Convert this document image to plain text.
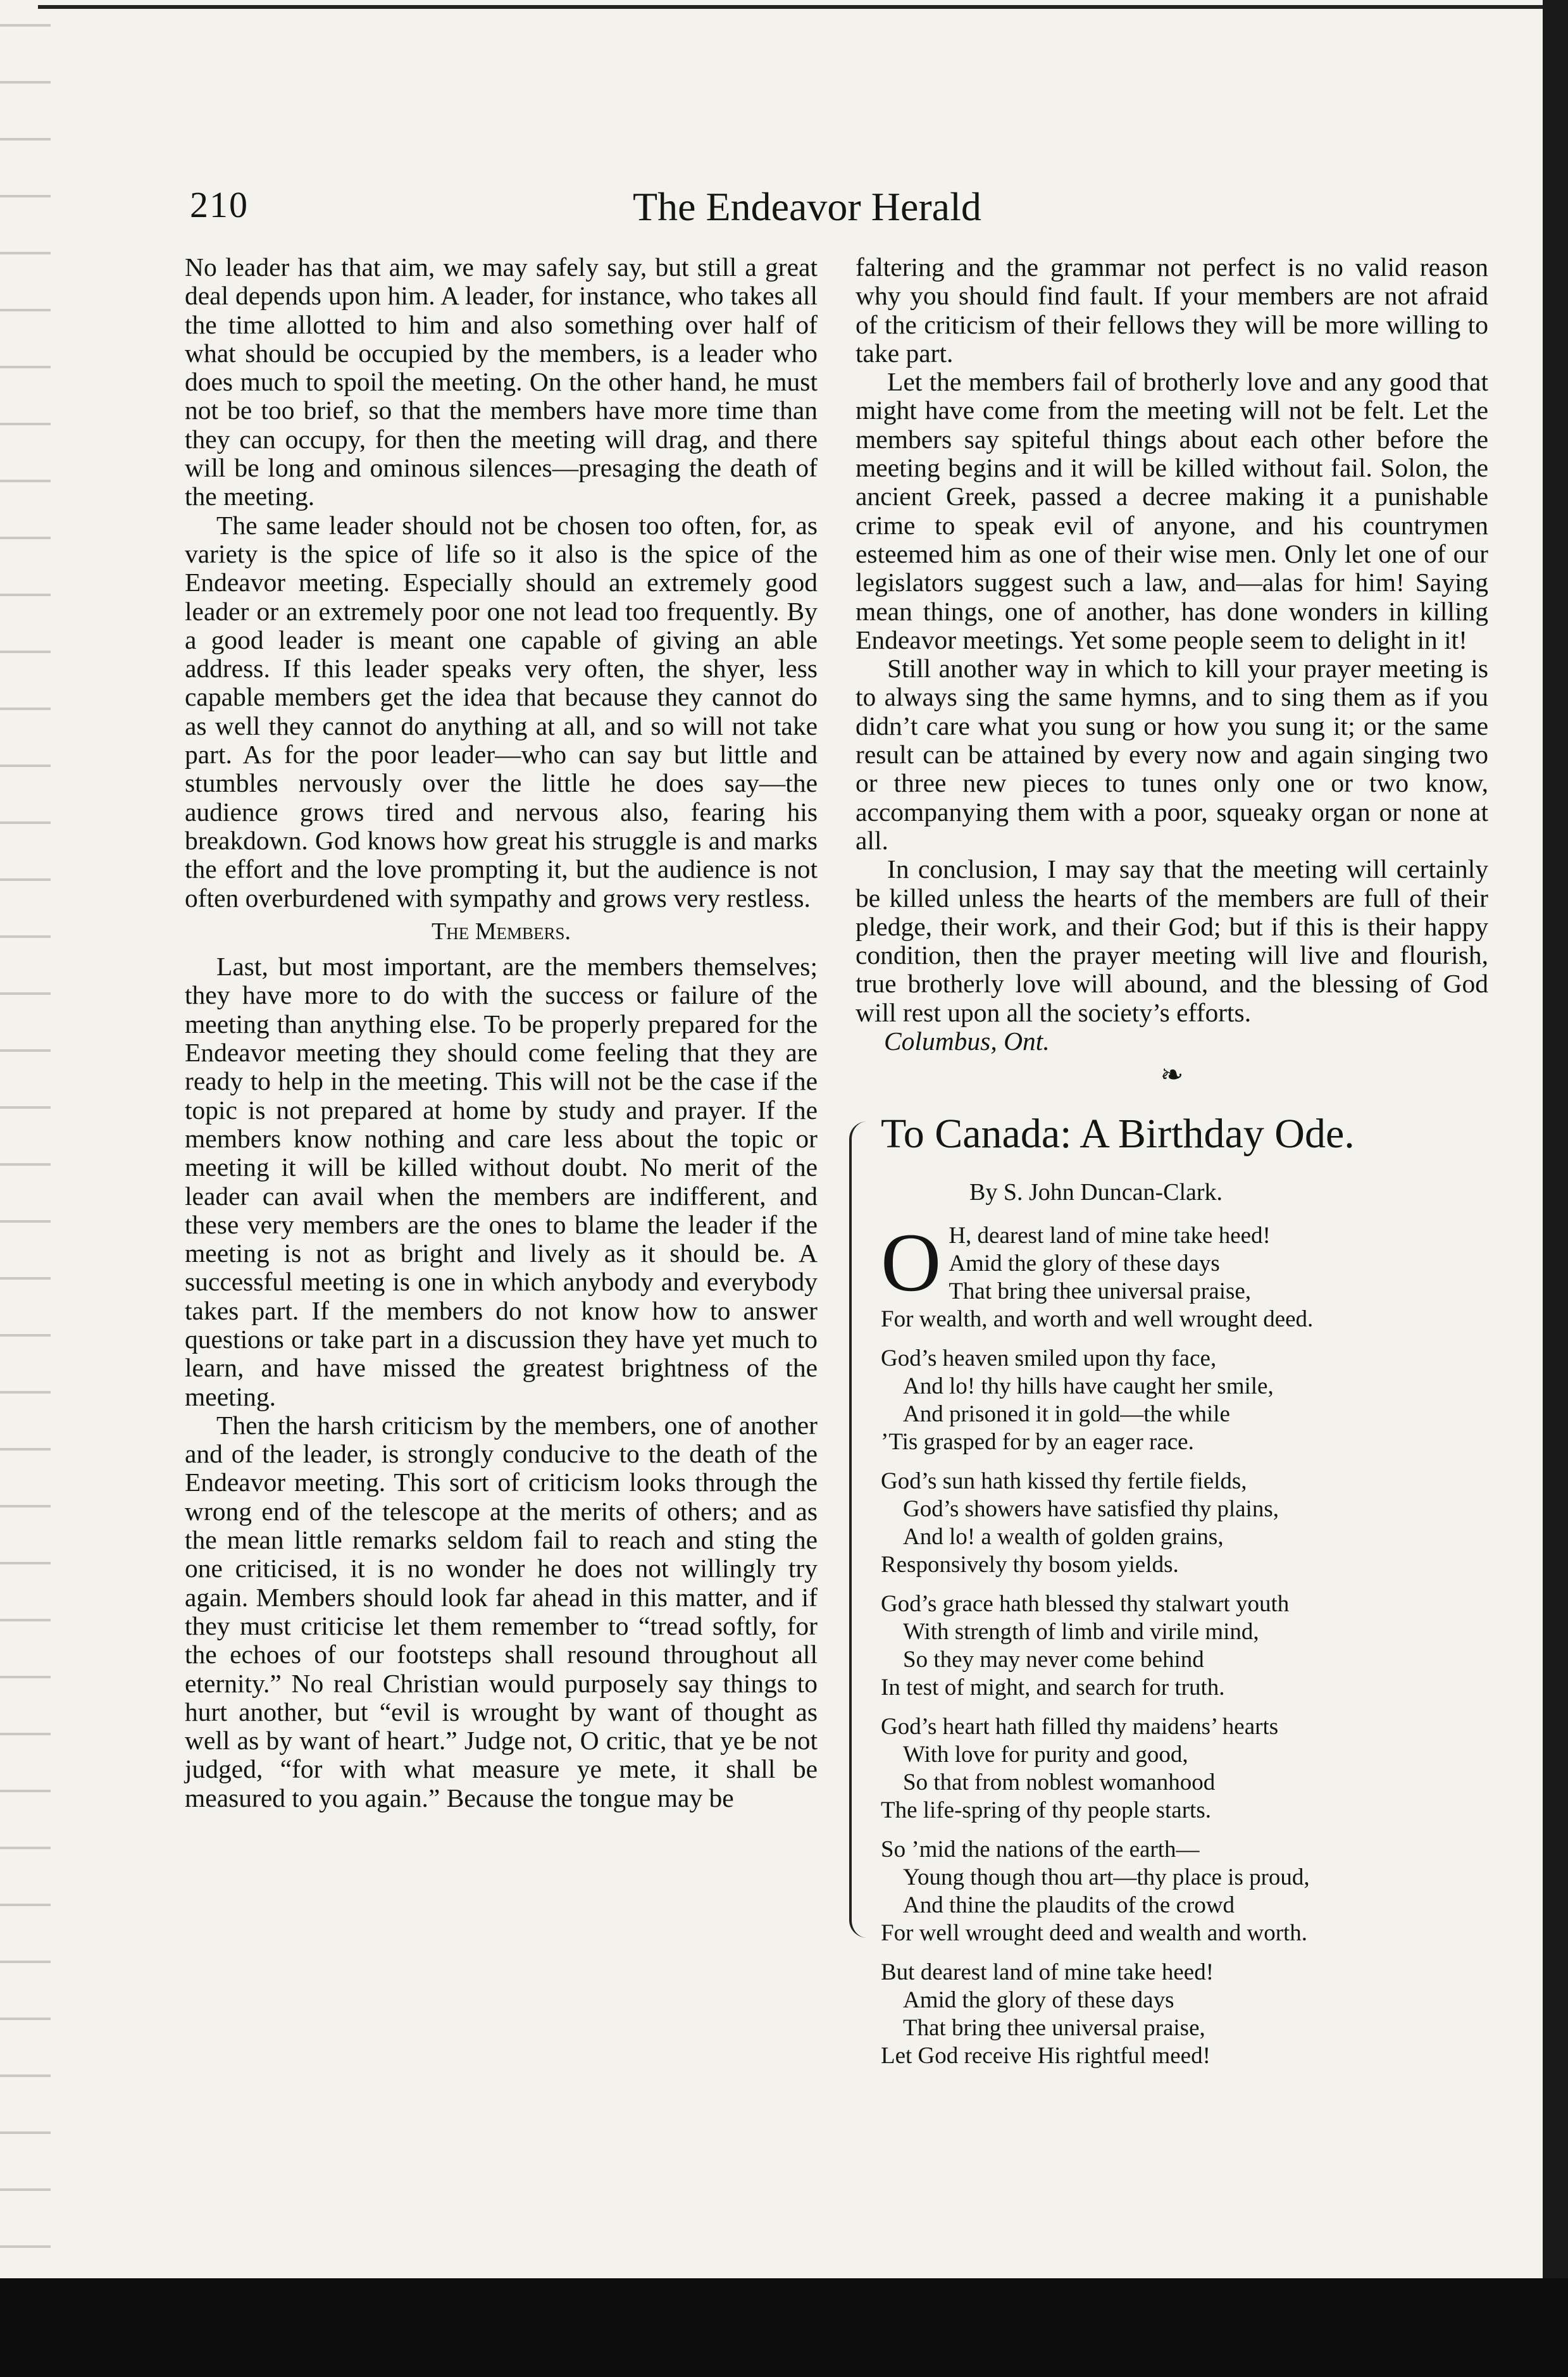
210	The Endeavor Herald

No leader has that aim, we may safely say, but still a great deal depends upon him. A leader, for instance, who takes all the time allotted to him and also something over half of what should be occupied by the members, is a leader who does much to spoil the meeting. On the other hand, he must not be too brief, so that the members have more time than they can occupy, for then the meeting will drag, and there will be long and ominous silences—presaging the death of the meeting.

The same leader should not be chosen too often, for, as variety is the spice of life so it also is the spice of the Endeavor meeting. Especially should an extremely good leader or an extremely poor one not lead too frequently. By a good leader is meant one capable of giving an able address. If this leader speaks very often, the shyer, less capable members get the idea that because they cannot do as well they cannot do anything at all, and so will not take part. As for the poor leader—who can say but little and stumbles nervously over the little he does say—the audience grows tired and nervous also, fearing his breakdown. God knows how great his struggle is and marks the effort and the love prompting it, but the audience is not often overburdened with sympathy and grows very restless.

The Members.

Last, but most important, are the members themselves; they have more to do with the success or failure of the meeting than anything else. To be properly prepared for the Endeavor meeting they should come feeling that they are ready to help in the meeting. This will not be the case if the topic is not prepared at home by study and prayer. If the members know nothing and care less about the topic or meeting it will be killed without doubt. No merit of the leader can avail when the members are indifferent, and these very members are the ones to blame the leader if the meeting is not as bright and lively as it should be. A successful meeting is one in which anybody and everybody takes part. If the members do not know how to answer questions or take part in a discussion they have yet much to learn, and have missed the greatest brightness of the meeting.

Then the harsh criticism by the members, one of another and of the leader, is strongly conducive to the death of the Endeavor meeting. This sort of criticism looks through the wrong end of the telescope at the merits of others; and as the mean little remarks seldom fail to reach and sting the one criticised, it is no wonder he does not willingly try again. Members should look far ahead in this matter, and if they must criticise let them remember to “tread softly, for the echoes of our footsteps shall resound throughout all eternity.” No real Christian would purposely say things to hurt another, but “evil is wrought by want of thought as well as by want of heart.” Judge not, O critic, that ye be not judged, “for with what measure ye mete, it shall be measured to you again.” Because the tongue may be

faltering and the grammar not perfect is no valid reason why you should find fault. If your members are not afraid of the criticism of their fellows they will be more willing to take part.

Let the members fail of brotherly love and any good that might have come from the meeting will not be felt. Let the members say spiteful things about each other before the meeting begins and it will be killed without fail. Solon, the ancient Greek, passed a decree making it a punishable crime to speak evil of anyone, and his countrymen esteemed him as one of their wise men. Only let one of our legislators suggest such a law, and—alas for him! Saying mean things, one of another, has done wonders in killing Endeavor meetings. Yet some people seem to delight in it!

Still another way in which to kill your prayer meeting is to always sing the same hymns, and to sing them as if you didn’t care what you sung or how you sung it; or the same result can be attained by every now and again singing two or three new pieces to tunes only one or two know, accompanying them with a poor, squeaky organ or none at all.

In conclusion, I may say that the meeting will certainly be killed unless the hearts of the members are full of their pledge, their work, and their God; but if this is their happy condition, then the prayer meeting will live and flourish, true brotherly love will abound, and the blessing of God will rest upon all the society’s efforts.

Columbus, Ont.
❧
To Canada: A Birthday Ode.
By S. John Duncan-Clark.
O H, dearest land of mine take heed!
Amid the glory of these days
That bring thee universal praise,
For wealth, and worth and well wrought deed.
God’s heaven smiled upon thy face,
And lo! thy hills have caught her smile,
And prisoned it in gold—the while
’Tis grasped for by an eager race.
God’s sun hath kissed thy fertile fields,
God’s showers have satisfied thy plains,
And lo! a wealth of golden grains,
Responsively thy bosom yields.
God’s grace hath blessed thy stalwart youth
With strength of limb and virile mind,
So they may never come behind
In test of might, and search for truth.
God’s heart hath filled thy maidens’ hearts
With love for purity and good,
So that from noblest womanhood
The life-spring of thy people starts.
So ’mid the nations of the earth—
Young though thou art—thy place is proud,
And thine the plaudits of the crowd
For well wrought deed and wealth and worth.
But dearest land of mine take heed!
Amid the glory of these days
That bring thee universal praise,
Let God receive His rightful meed!
